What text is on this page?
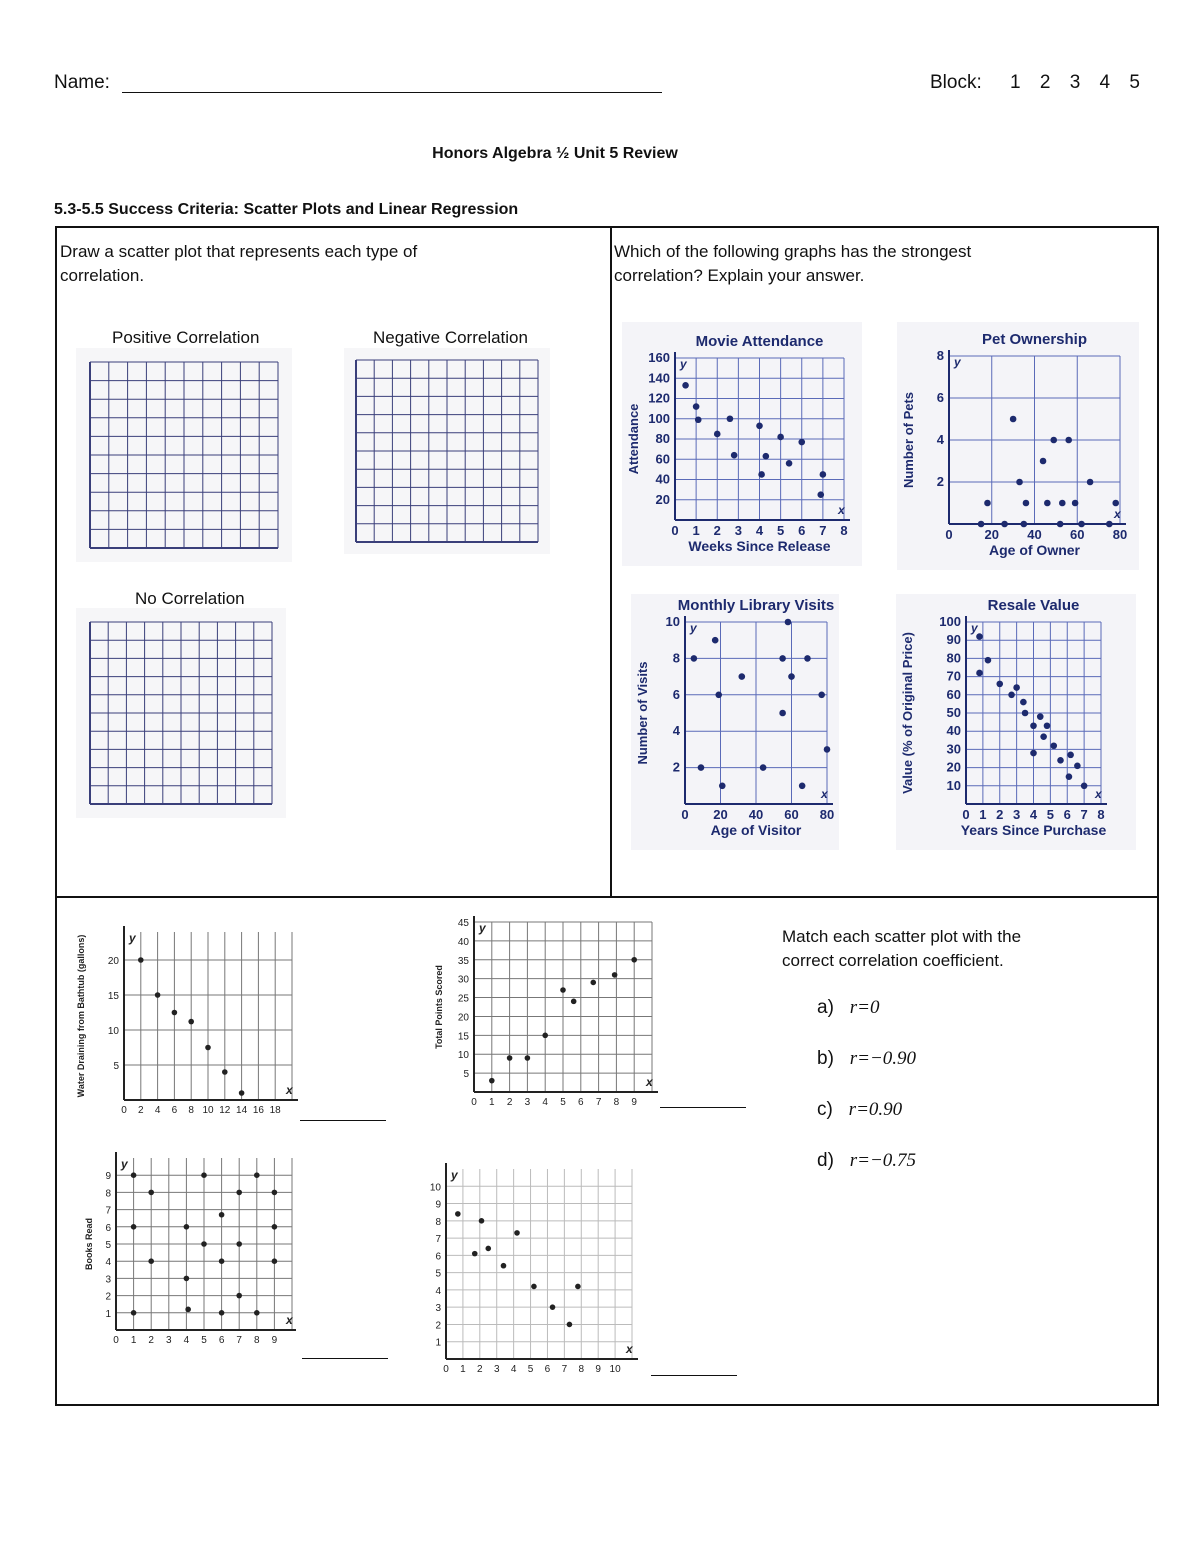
Name:	Block: 1 2 3 4 5
Honors Algebra ½ Unit 5 Review
5.3-5.5 Success Criteria: Scatter Plots and Linear Regression
Draw a scatter plot that represents each type of
correlation.
Positive Correlation	Negative Correlation
No Correlation
Which of the following graphs has the strongest
correlation? Explain your answer.
0 1 2 3 4 5 6 7 8
20
40
60
80
100
120
140
160
x
y
Movie Attendance
Weeks Since Release
Attendance
0 20 40 60 80
2
4
6
8
x
y
Pet Ownership
Age of Owner
Number of Pets
0 20 40 60 80
2
4
6
8
10
x
y
Monthly Library Visits
Age of Visitor
Number of Visits
0 1 2 3 4 5 6 7 8
10
20
30
40
50
60
70
80
90
100
x
y
Resale Value
Years Since Purchase
Value (% of Original Price)
0 2 4 6 8 10 12 14 16 18
5
10
15
20
x
y
Water Draining from Bathtub (gallons)
0 1 2 3 4 5 6 7 8 9
5
10
15
20
25
30
35
40
45
x
y
Total Points Scored
0 1 2 3 4 5 6 7 8 9
1
2
3
4
5
6
7
8
9
x
y
Books Read
0 1 2 3 4 5 6 7 8 9 10
1
2
3
4
5
6
7
8
9
10
x
y
Match each scatter plot with the
correct correlation coefficient.
a) r=0
b) r=−0.90
c) r=0.90
d) r=−0.75
